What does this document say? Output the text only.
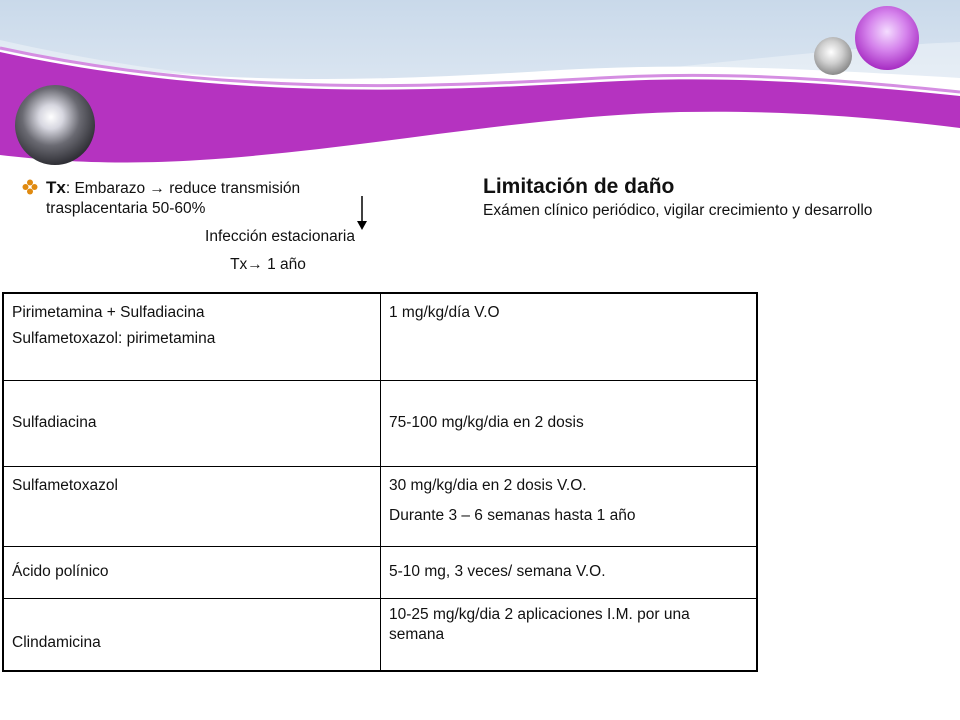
Tx: Embarazo → reduce transmisión trasplacentaria 50-60%
Infección estacionaria
Tx→ 1 año
Limitación de daño
Exámen clínico periódico, vigilar crecimiento y desarrollo

Pirimetamina + Sulfadiacina

Sulfametoxazol: pirimetamina	1 mg/kg/día V.O

Sulfadiacina	75-100 mg/kg/dia en 2 dosis

Sulfametoxazol	30 mg/kg/dia en 2 dosis V.O.

Durante 3 – 6 semanas hasta 1 año

Ácido polínico	5-10 mg, 3 veces/ semana V.O.

Clindamicina	10-25 mg/kg/dia 2 aplicaciones I.M. por una semana
